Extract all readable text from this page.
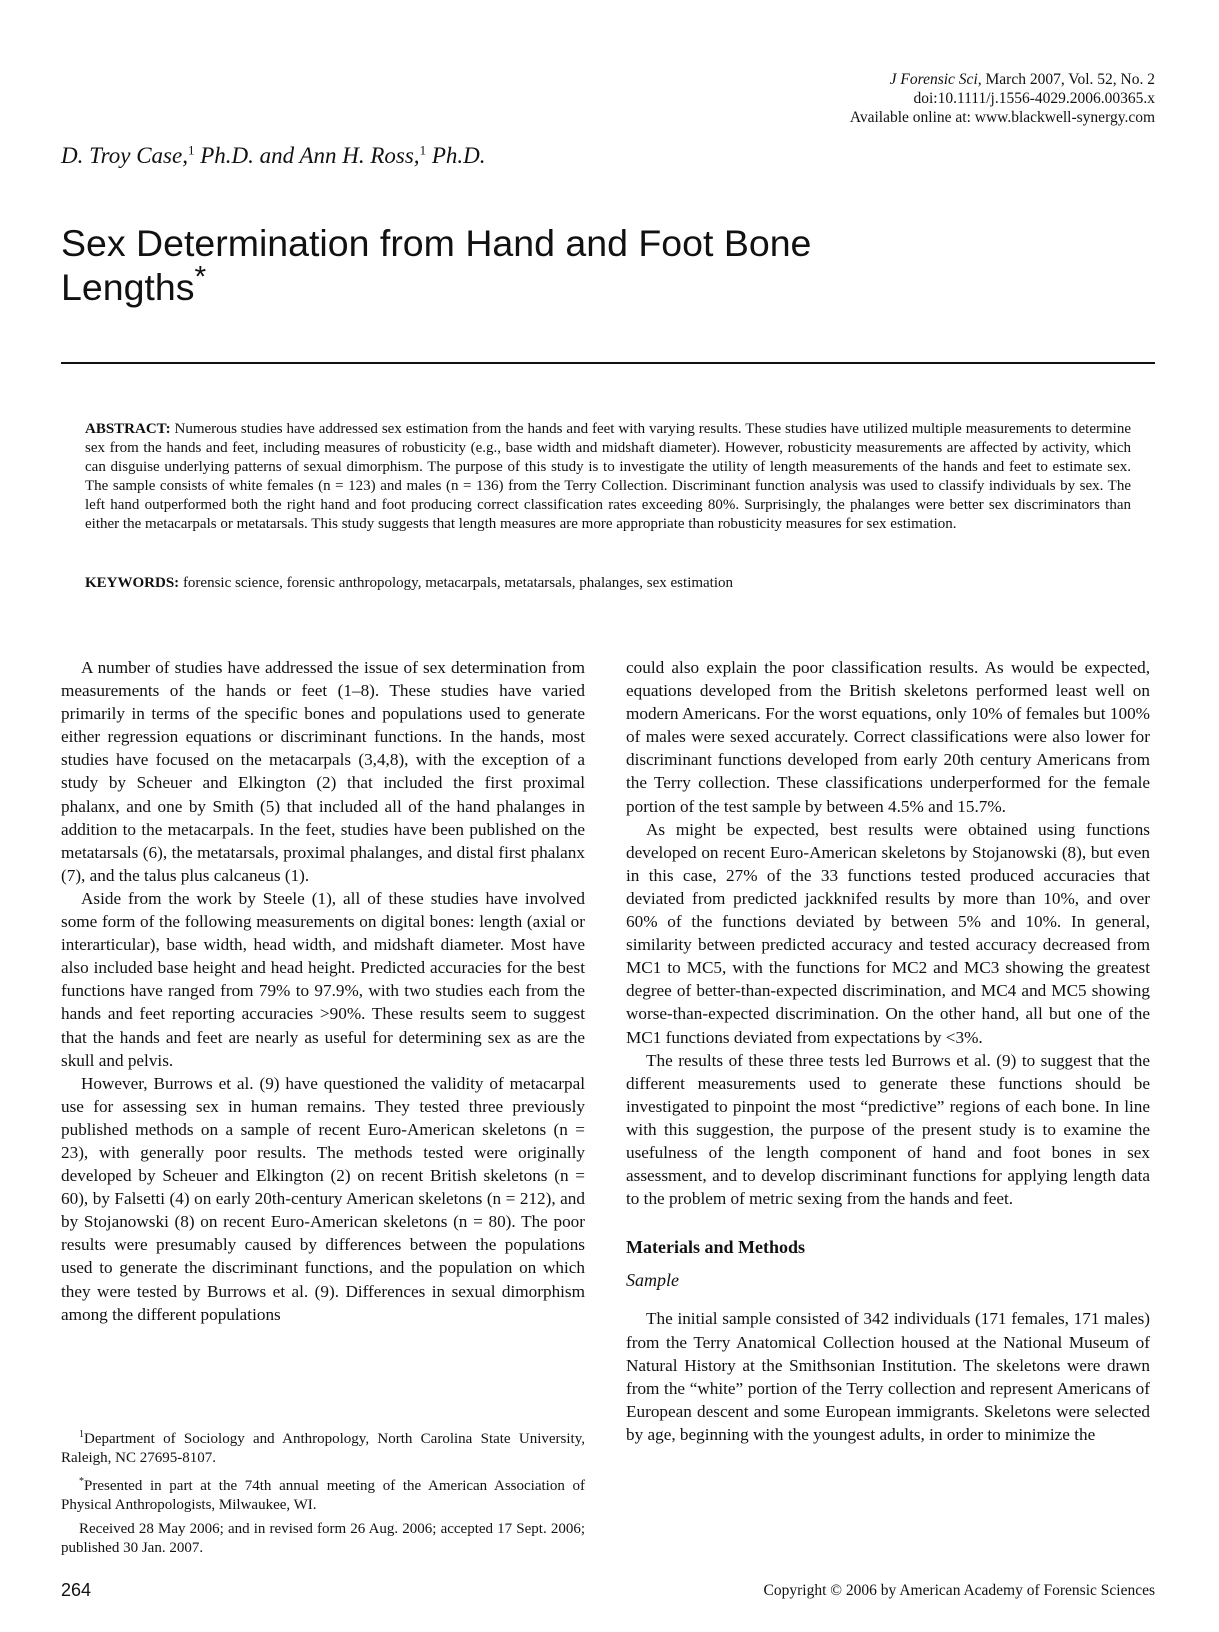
J Forensic Sci, March 2007, Vol. 52, No. 2
doi:10.1111/j.1556-4029.2006.00365.x
Available online at: www.blackwell-synergy.com
D. Troy Case,$^1$ Ph.D. and Ann H. Ross,$^1$ Ph.D.
Sex Determination from Hand and Foot Bone Lengths*

ABSTRACT: Numerous studies have addressed sex estimation from the hands and feet with varying results. These studies have utilized multiple measurements to determine sex from the hands and feet, including measures of robusticity (e.g., base width and midshaft diameter). However, robusticity measurements are affected by activity, which can disguise underlying patterns of sexual dimorphism. The purpose of this study is to investigate the utility of length measurements of the hands and feet to estimate sex. The sample consists of white females (n = 123) and males (n = 136) from the Terry Collection. Discriminant function analysis was used to classify individuals by sex. The left hand outperformed both the right hand and foot producing correct classification rates exceeding 80%. Surprisingly, the phalanges were better sex discriminators than either the metacarpals or metatarsals. This study suggests that length measures are more appropriate than robusticity measures for sex estimation.

KEYWORDS: forensic science, forensic anthropology, metacarpals, metatarsals, phalanges, sex estimation

A number of studies have addressed the issue of sex determination from measurements of the hands or feet (1–8). These studies have varied primarily in terms of the specific bones and populations used to generate either regression equations or discriminant functions. In the hands, most studies have focused on the metacarpals (3,4,8), with the exception of a study by Scheuer and Elkington (2) that included the first proximal phalanx, and one by Smith (5) that included all of the hand phalanges in addition to the metacarpals. In the feet, studies have been published on the metatarsals (6), the metatarsals, proximal phalanges, and distal first phalanx (7), and the talus plus calcaneus (1).

Aside from the work by Steele (1), all of these studies have involved some form of the following measurements on digital bones: length (axial or interarticular), base width, head width, and midshaft diameter. Most have also included base height and head height. Predicted accuracies for the best functions have ranged from 79% to 97.9%, with two studies each from the hands and feet reporting accuracies >90%. These results seem to suggest that the hands and feet are nearly as useful for determining sex as are the skull and pelvis.

However, Burrows et al. (9) have questioned the validity of metacarpal use for assessing sex in human remains. They tested three previously published methods on a sample of recent Euro-American skeletons (n = 23), with generally poor results. The methods tested were originally developed by Scheuer and Elkington (2) on recent British skeletons (n = 60), by Falsetti (4) on early 20th-century American skeletons (n = 212), and by Stojanowski (8) on recent Euro-American skeletons (n = 80). The poor results were presumably caused by differences between the populations used to generate the discriminant functions, and the population on which they were tested by Burrows et al. (9). Differences in sexual dimorphism among the different populations

could also explain the poor classification results. As would be expected, equations developed from the British skeletons performed least well on modern Americans. For the worst equations, only 10% of females but 100% of males were sexed accurately. Correct classifications were also lower for discriminant functions developed from early 20th century Americans from the Terry collection. These classifications underperformed for the female portion of the test sample by between 4.5% and 15.7%.

As might be expected, best results were obtained using functions developed on recent Euro-American skeletons by Stojanowski (8), but even in this case, 27% of the 33 functions tested produced accuracies that deviated from predicted jackknifed results by more than 10%, and over 60% of the functions deviated by between 5% and 10%. In general, similarity between predicted accuracy and tested accuracy decreased from MC1 to MC5, with the functions for MC2 and MC3 showing the greatest degree of better-than-expected discrimination, and MC4 and MC5 showing worse-than-expected discrimination. On the other hand, all but one of the MC1 functions deviated from expectations by <3%.

The results of these three tests led Burrows et al. (9) to suggest that the different measurements used to generate these functions should be investigated to pinpoint the most “predictive” regions of each bone. In line with this suggestion, the purpose of the present study is to examine the usefulness of the length component of hand and foot bones in sex assessment, and to develop discriminant functions for applying length data to the problem of metric sexing from the hands and feet.

Materials and Methods

Sample

The initial sample consisted of 342 individuals (171 females, 171 males) from the Terry Anatomical Collection housed at the National Museum of Natural History at the Smithsonian Institution. The skeletons were drawn from the “white” portion of the Terry collection and represent Americans of European descent and some European immigrants. Skeletons were selected by age, beginning with the youngest adults, in order to minimize the

$^1$Department of Sociology and Anthropology, North Carolina State University, Raleigh, NC 27695-8107.

*Presented in part at the 74th annual meeting of the American Association of Physical Anthropologists, Milwaukee, WI.

Received 28 May 2006; and in revised form 26 Aug. 2006; accepted 17 Sept. 2006; published 30 Jan. 2007.

264	Copyright © 2006 by American Academy of Forensic Sciences
